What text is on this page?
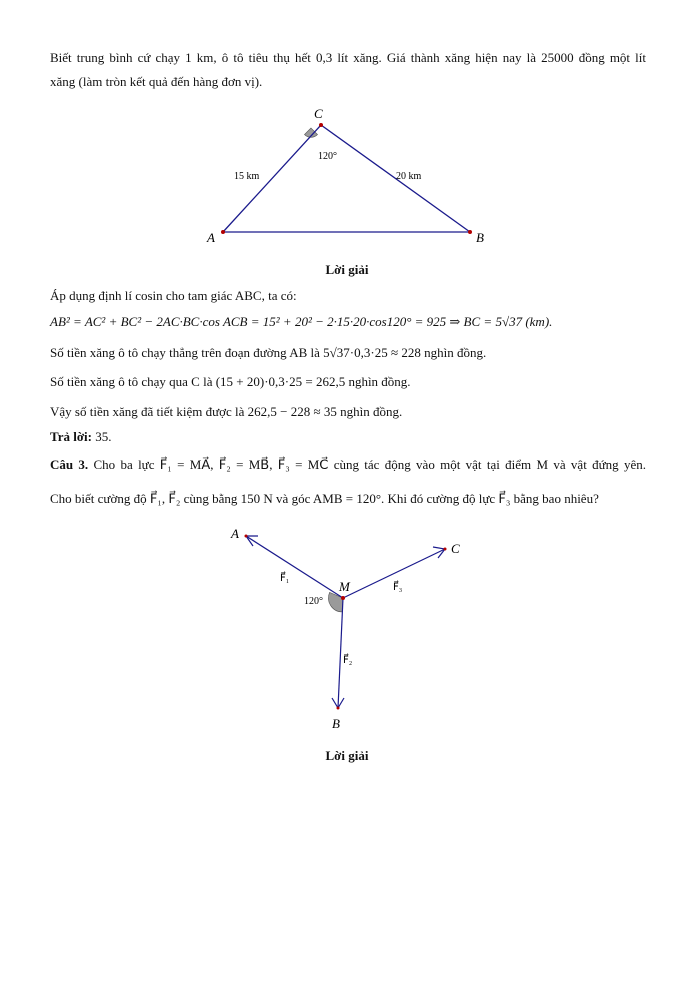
Biết trung bình cứ chạy 1 km, ô tô tiêu thụ hết 0,3 lít xăng. Giá thành xăng hiện nay là 25000 đồng một lít
xăng (làm tròn kết quả đến hàng đơn vị).
C
A	B
120°
15 km	20 km
Lời giải
Áp dụng định lí cosin cho tam giác ABC, ta có:
AB² = AC² + BC² − 2AC·BC·cos ACB = 15² + 20² − 2·15·20·cos120° = 925 ⇒ BC = 5√37 (km).
Số tiền xăng ô tô chạy thẳng trên đoạn đường AB là 5√37·0,3·25 ≈ 228 nghìn đồng.
Số tiền xăng ô tô chạy qua C là (15 + 20)·0,3·25 = 262,5 nghìn đồng.
Vậy số tiền xăng đã tiết kiệm được là 262,5 − 228 ≈ 35 nghìn đồng.
Trả lời: 35.
Câu 3. Cho ba lực F⃗₁ = MA⃗, F⃗₂ = MB⃗, F⃗₃ = MC⃗ cùng tác động vào một vật tại điểm M và vật đứng yên.
Cho biết cường độ F⃗₁, F⃗₂ cùng bằng 150 N và góc AMB = 120°. Khi đó cường độ lực F⃗₃ bằng bao nhiêu?
A
B
C
M
120°
F⃗₁
F⃗₂
F⃗₃
Lời giải
